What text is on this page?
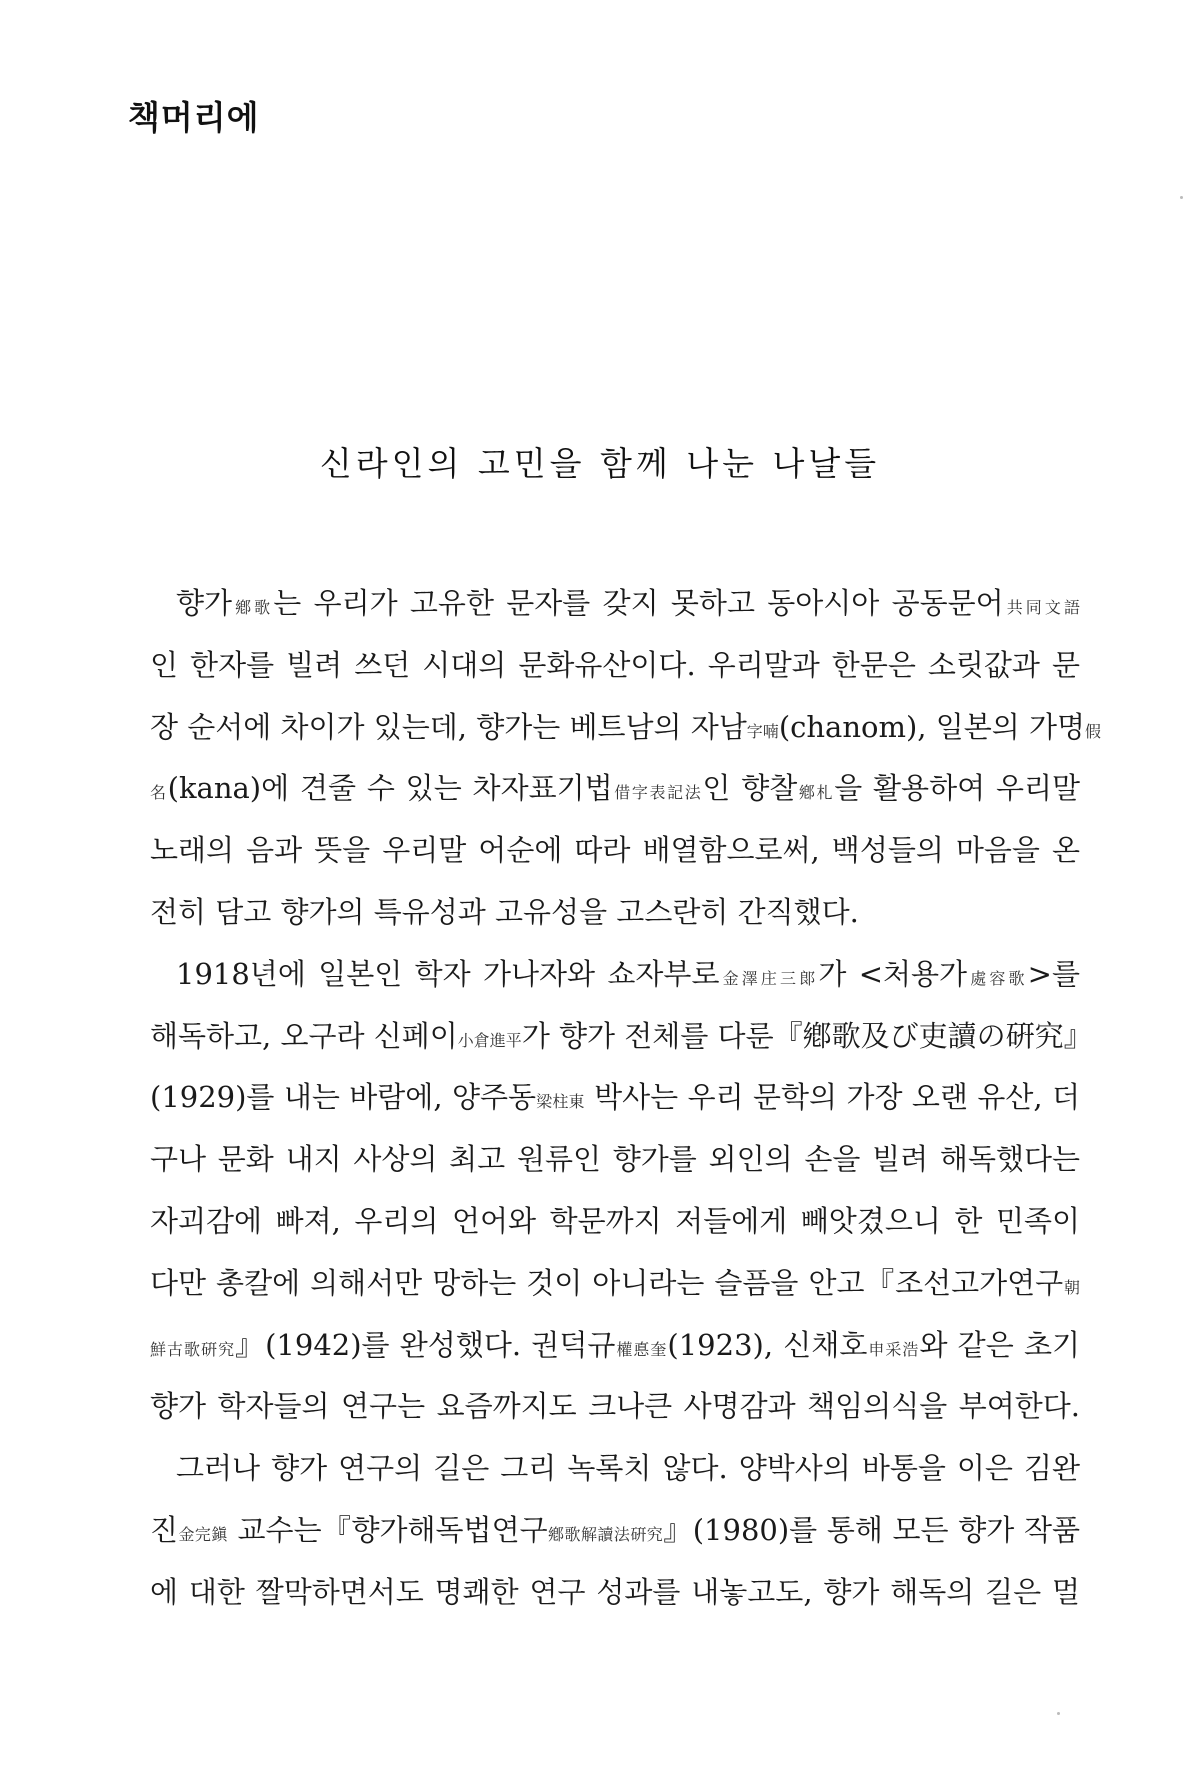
책머리에
신라인의 고민을 함께 나눈 나날들
향가鄕歌는 우리가 고유한 문자를 갖지 못하고 동아시아 공동문어共同文語
인 한자를 빌려 쓰던 시대의 문화유산이다. 우리말과 한문은 소릿값과 문
장 순서에 차이가 있는데, 향가는 베트남의 자남字喃(chanom), 일본의 가명假
名(kana)에 견줄 수 있는 차자표기법借字表記法인 향찰鄕札을 활용하여 우리말
노래의 음과 뜻을 우리말 어순에 따라 배열함으로써, 백성들의 마음을 온
전히 담고 향가의 특유성과 고유성을 고스란히 간직했다.
1918년에 일본인 학자 가나자와 쇼자부로金澤庄三郞가 <처용가處容歌>를
해독하고, 오구라 신페이小倉進平가 향가 전체를 다룬『鄕歌及び吏讀の硏究』
(1929)를 내는 바람에, 양주동梁柱東 박사는 우리 문학의 가장 오랜 유산, 더
구나 문화 내지 사상의 최고 원류인 향가를 외인의 손을 빌려 해독했다는
자괴감에 빠져, 우리의 언어와 학문까지 저들에게 빼앗겼으니 한 민족이
다만 총칼에 의해서만 망하는 것이 아니라는 슬픔을 안고『조선고가연구朝
鮮古歌硏究』(1942)를 완성했다. 권덕규權悳奎(1923), 신채호申采浩와 같은 초기
향가 학자들의 연구는 요즘까지도 크나큰 사명감과 책임의식을 부여한다.
그러나 향가 연구의 길은 그리 녹록치 않다. 양박사의 바통을 이은 김완
진金完鎭 교수는『향가해독법연구鄕歌解讀法硏究』(1980)를 통해 모든 향가 작품
에 대한 짤막하면서도 명쾌한 연구 성과를 내놓고도, 향가 해독의 길은 멀
